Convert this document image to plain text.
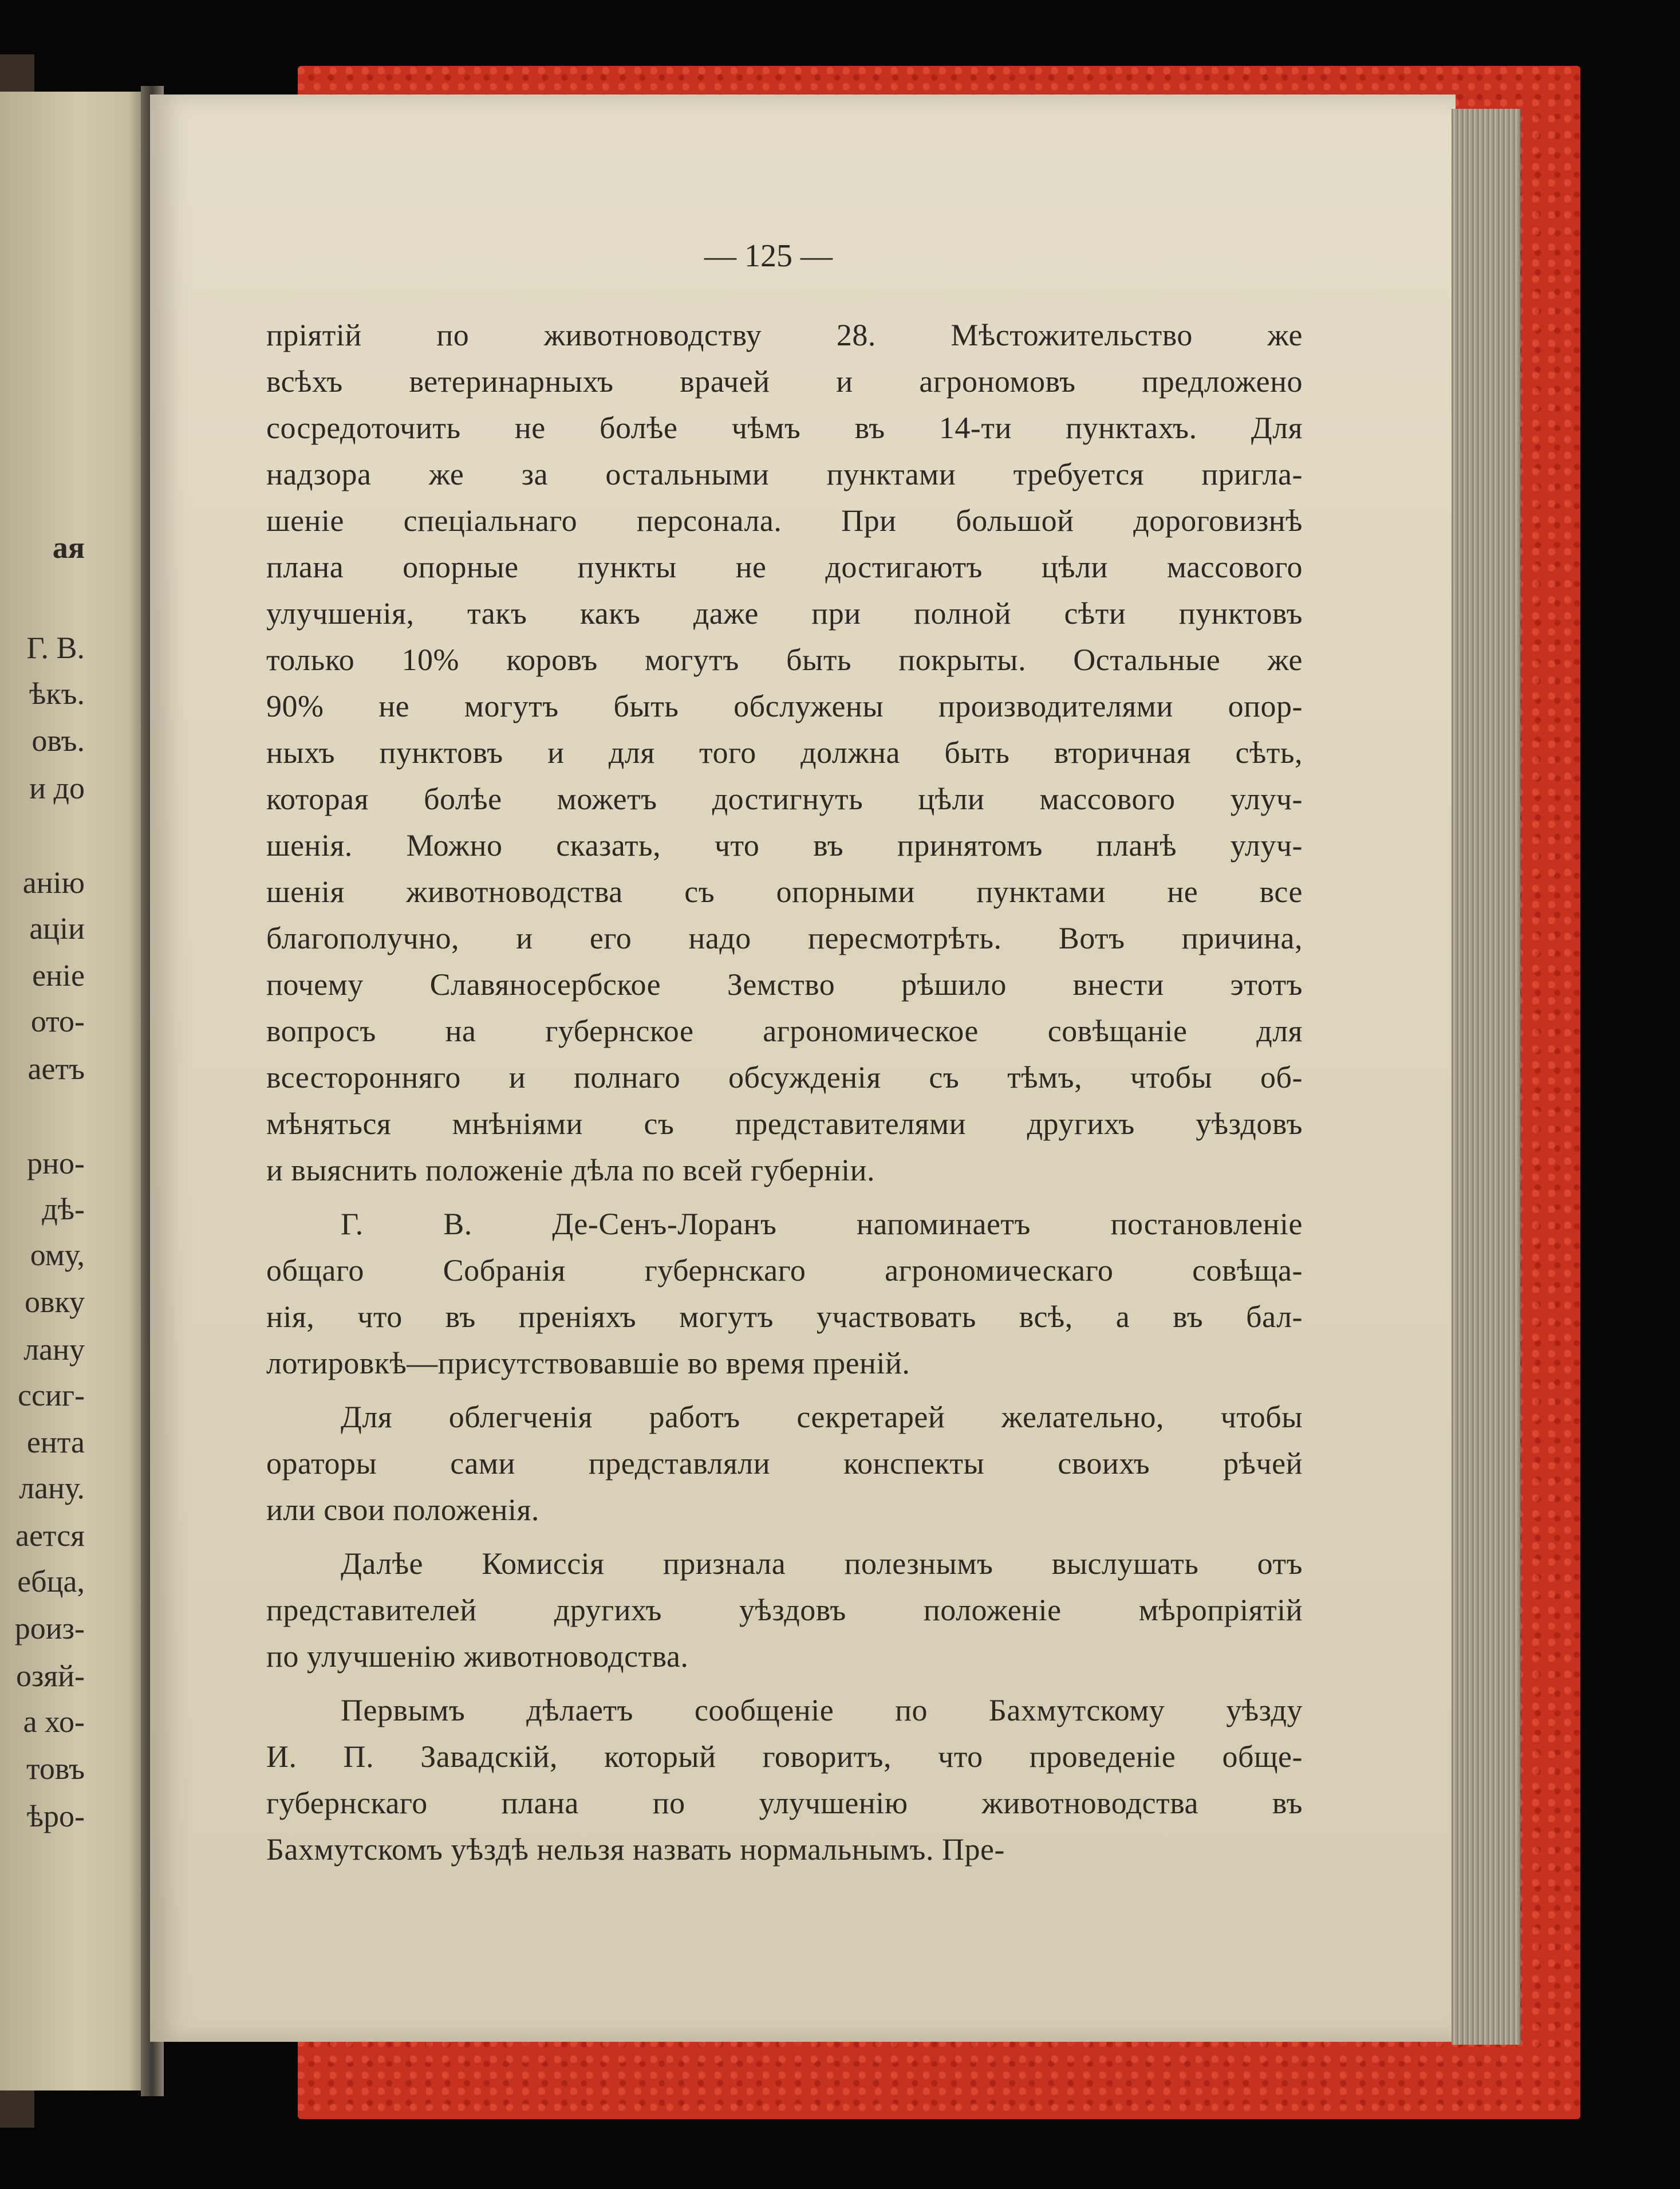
ая
Г. В.
ѣкъ.
овъ.
и до
анію
аціи
еніе
ото-
аетъ
рно-
дѣ-
ому,
овку
лану
ссиг-
ента
лану.
ается
ебца,
роиз-
озяй-
а хо-
товъ
ѣро-
— 125 —
пріятій по животноводству 28. Мѣстожительство же
всѣхъ ветеринарныхъ врачей и агрономовъ предложено
сосредоточить не болѣе чѣмъ въ 14-ти пунктахъ. Для
надзора же за остальными пунктами требуется пригла-
шеніе спеціальнаго персонала. При большой дороговизнѣ
плана опорные пункты не достигаютъ цѣли массового
улучшенія, такъ какъ даже при полной сѣти пунктовъ
только 10% коровъ могутъ быть покрыты. Остальные же
90% не могутъ быть обслужены производителями опор-
ныхъ пунктовъ и для того должна быть вторичная сѣть,
которая болѣе можетъ достигнуть цѣли массового улуч-
шенія. Можно сказать, что въ принятомъ планѣ улуч-
шенія животноводства съ опорными пунктами не все
благополучно, и его надо пересмотрѣть. Вотъ причина,
почему Славяносербское Земство рѣшило внести этотъ
вопросъ на губернское агрономическое совѣщаніе для
всесторонняго и полнаго обсужденія съ тѣмъ, чтобы об-
мѣняться мнѣніями съ представителями другихъ уѣздовъ
и выяснить положеніе дѣла по всей губерніи.
Г. В. Де-Сенъ-Лоранъ напоминаетъ постановленіе
общаго Собранія губернскаго агрономическаго совѣща-
нія, что въ преніяхъ могутъ участвовать всѣ, а въ бал-
лотировкѣ—присутствовавшіе во время преній.
Для облегченія работъ секретарей желательно, чтобы
ораторы сами представляли конспекты своихъ рѣчей
или свои положенія.
Далѣе Комиссія признала полезнымъ выслушать отъ
представителей другихъ уѣздовъ положеніе мѣропріятій
по улучшенію животноводства.
Первымъ дѣлаетъ сообщеніе по Бахмутскому уѣзду
И. П. Завадскій, который говоритъ, что проведеніе обще-
губернскаго плана по улучшенію животноводства въ
Бахмутскомъ уѣздѣ нельзя назвать нормальнымъ. Пре-
